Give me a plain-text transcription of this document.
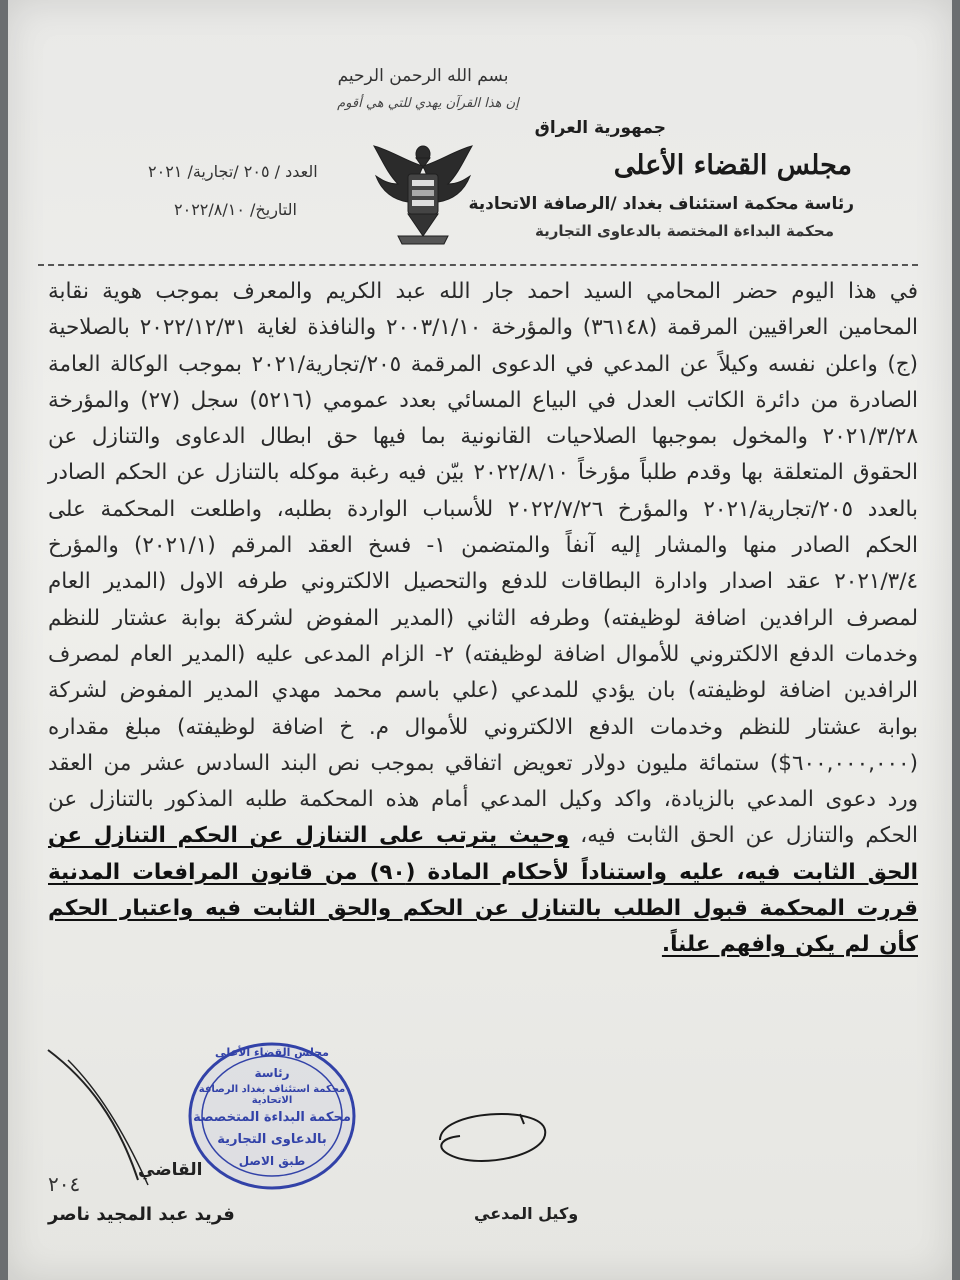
بسم الله الرحمن الرحيم
إن هذا القرآن يهدي للتي هي أقوم
جمهورية العراق
مجلس القضاء الأعلى
رئاسة محكمة استئناف بغداد /الرصافة الاتحادية
محكمة البداءة المختصة بالدعاوى التجارية
العدد / ٢٠٥ /تجارية/ ٢٠٢١
التاريخ/ ٢٠٢٢/٨/١٠
في هذا اليوم حضر المحامي السيد احمد جار الله عبد الكريم والمعرف بموجب هوية نقابة المحامين العراقيين المرقمة (٣٦١٤٨) والمؤرخة ٢٠٠٣/١/١٠ والنافذة لغاية ٢٠٢٢/١٢/٣١ بالصلاحية (ج) واعلن نفسه وكيلاً عن المدعي في الدعوى المرقمة ٢٠٥/تجارية/٢٠٢١ بموجب الوكالة العامة الصادرة من دائرة الكاتب العدل في البياع المسائي بعدد عمومي (٥٢١٦) سجل (٢٧) والمؤرخة ٢٠٢١/٣/٢٨ والمخول بموجبها الصلاحيات القانونية بما فيها حق ابطال الدعاوى والتنازل عن الحقوق المتعلقة بها وقدم طلباً مؤرخاً ٢٠٢٢/٨/١٠ بيّن فيه رغبة موكله بالتنازل عن الحكم الصادر بالعدد ٢٠٥/تجارية/٢٠٢١ والمؤرخ ٢٠٢٢/٧/٢٦ للأسباب الواردة بطلبه، واطلعت المحكمة على الحكم الصادر منها والمشار إليه آنفاً والمتضمن ١- فسخ العقد المرقم (٢٠٢١/١) والمؤرخ ٢٠٢١/٣/٤ عقد اصدار وادارة البطاقات للدفع والتحصيل الالكتروني طرفه الاول (المدير العام لمصرف الرافدين اضافة لوظيفته) وطرفه الثاني (المدير المفوض لشركة بوابة عشتار للنظم وخدمات الدفع الالكتروني للأموال اضافة لوظيفته) ٢- الزام المدعى عليه (المدير العام لمصرف الرافدين اضافة لوظيفته) بان يؤدي للمدعي (علي باسم محمد مهدي المدير المفوض لشركة بوابة عشتار للنظم وخدمات الدفع الالكتروني للأموال م. خ اضافة لوظيفته) مبلغ مقداره (٦٠٠,٠٠٠,٠٠٠$) ستمائة مليون دولار تعويض اتفاقي بموجب نص البند السادس عشر من العقد ورد دعوى المدعي بالزيادة، واكد وكيل المدعي أمام هذه المحكمة طلبه المذكور بالتنازل عن الحكم والتنازل عن الحق الثابت فيه، وحيث يترتب على التنازل عن الحكم التنازل عن الحق الثابت فيه، عليه واستناداً لأحكام المادة (٩٠) من قانون المرافعات المدنية قررت المحكمة قبول الطلب بالتنازل عن الحكم والحق الثابت فيه واعتبار الحكم كأن لم يكن وافهم علناً.
مجلس القضاء الأعلى
رئاسة
محكمة استئناف بغداد الرصافة الاتحادية
محكمة البداءة المتخصصة
بالدعاوى التجارية
طبق الاصل
٢٠٤
القاضي
فريد عبد المجيد ناصر	وكيل المدعي
